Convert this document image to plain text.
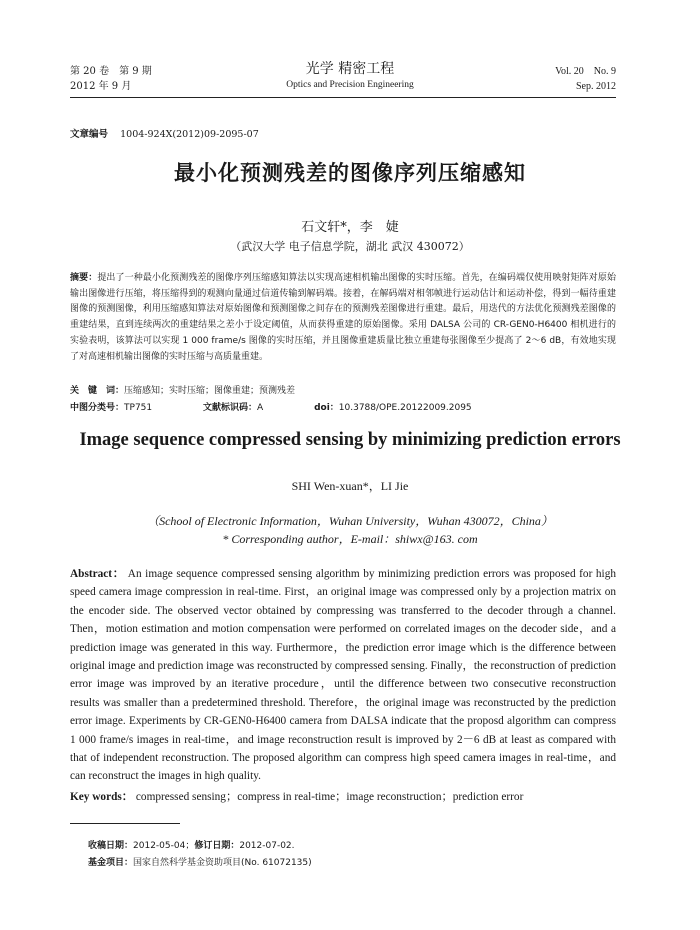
第 20 卷　第 9 期
2012 年 9 月
光学 精密工程
Optics and Precision Engineering
Vol. 20　No. 9
Sep. 2012
文章编号 1004-924X(2012)09-2095-07
最小化预测残差的图像序列压缩感知
石文轩*，李　婕
（武汉大学 电子信息学院，湖北 武汉 430072）
摘要：提出了一种最小化预测残差的图像序列压缩感知算法以实现高速相机输出图像的实时压缩。首先，在编码端仅使用映射矩阵对原始输出图像进行压缩，将压缩得到的观测向量通过信道传输到解码端。接着，在解码端对相邻帧进行运动估计和运动补偿，得到一幅待重建图像的预测图像，利用压缩感知算法对原始图像和预测图像之间存在的预测残差图像进行重建。最后，用迭代的方法优化预测残差图像的重建结果，直到连续两次的重建结果之差小于设定阈值，从而获得重建的原始图像。采用 DALSA 公司的 CR-GEN0-H6400 相机进行的实验表明，该算法可以实现 1 000 frame/s 图像的实时压缩，并且图像重建质量比独立重建每张图像至少提高了 2～6 dB，有效地实现了对高速相机输出图像的实时压缩与高质量重建。
关　键　词：压缩感知；实时压缩；图像重建；预测残差
中图分类号：TP751	文献标识码：A	doi：10.3788/OPE.20122009.2095
Image sequence compressed sensing by minimizing prediction errors
SHI Wen-xuan*，LI Jie
（School of Electronic Information，Wuhan University，Wuhan 430072，China）
* Corresponding author，E-mail：shiwx@163. com
Abstract： An image sequence compressed sensing algorithm by minimizing prediction errors was proposed for high speed camera image compression in real-time. First，an original image was compressed only by a projection matrix on the encoder side. The observed vector obtained by compressing was transferred to the decoder through a channel. Then，motion estimation and motion compensation were performed on correlated images on the decoder side，and a prediction image was generated in this way. Furthermore，the prediction error image which is the difference between original image and prediction image was reconstructed by compressed sensing. Finally，the reconstruction of prediction error image was improved by an iterative procedure，until the difference between two consecutive reconstruction results was smaller than a predetermined threshold. Therefore，the original image was reconstructed by the prediction error image. Experiments by CR-GEN0-H6400 camera from DALSA indicate that the proposd algorithm can compress 1 000 frame/s images in real-time，and image reconstruction result is improved by 2－6 dB at least as compared with that of independent reconstruction. The proposed algorithm can compress high speed camera images in real-time，and can reconstruct the images in high quality.
Key words： compressed sensing；compress in real-time；image reconstruction；prediction error
收稿日期：2012-05-04；修订日期：2012-07-02.
基金项目：国家自然科学基金资助项目(No. 61072135)
